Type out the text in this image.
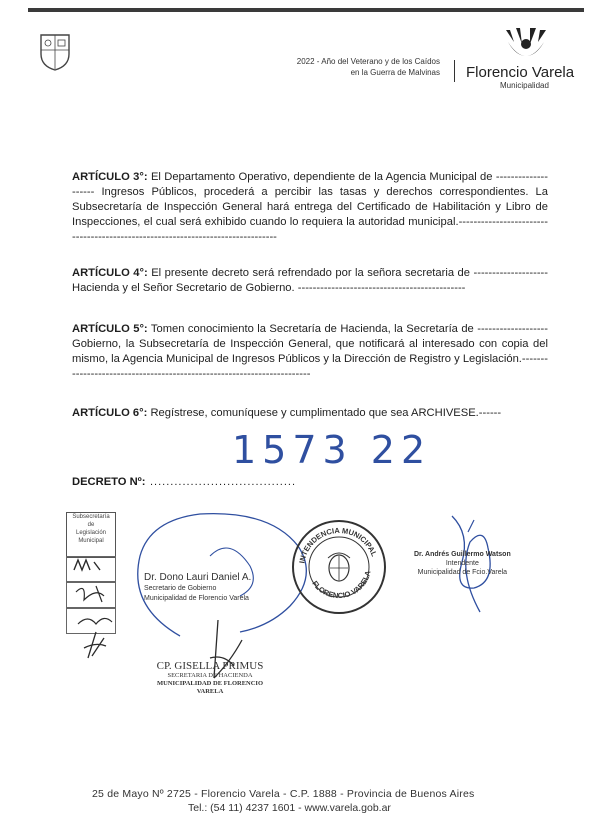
2022 - Año del Veterano y de los Caídos
en la Guerra de Malvinas Florencio Varela
Municipalidad
ARTÍCULO 3°: El Departamento Operativo, dependiente de la Agencia Municipal de -------------------- Ingresos Públicos, procederá a percibir las tasas y derechos correspondientes. La Subsecretaría de Inspección General hará entrega del Certificado de Habilitación y Libro de Inspecciones, el cual será exhibido cuando lo requiera la autoridad municipal.-------------------------------------------------------------------------------
ARTÍCULO 4°: El presente decreto será refrendado por la señora secretaria de -------------------- Hacienda y el Señor Secretario de Gobierno. ---------------------------------------------
ARTÍCULO 5°: Tomen conocimiento la Secretaría de Hacienda, la Secretaría de ------------------- Gobierno, la Subsecretaría de Inspección General, que notificará al interesado con copia del mismo, la Agencia Municipal de Ingresos Públicos y la Dirección de Registro y Legislación.-----------------------------------------------------------------------
ARTÍCULO 6°: Regístrese, comuníquese y cumplimentado que sea ARCHIVESE.------
1573 22
DECRETO Nº: ....................................
Subsecretaría
de
Legislación
Municipal
Dr. Dono Lauri Daniel A.
Secretario de Gobierno
Municipalidad de Florencio Varela
INTENDENCIA MUNICIPAL
FLORENCIO VARELA
Dr. Andrés Guillermo Watson
Intendente
Municipalidad de Fcio.Varela
CP. GISELLA PRIMUS
SECRETARIA DE HACIENDA
MUNICIPALIDAD DE FLORENCIO VARELA
25 de Mayo Nº 2725 - Florencio Varela - C.P. 1888 - Provincia de Buenos Aires
Tel.: (54 11) 4237 1601 - www.varela.gob.ar
